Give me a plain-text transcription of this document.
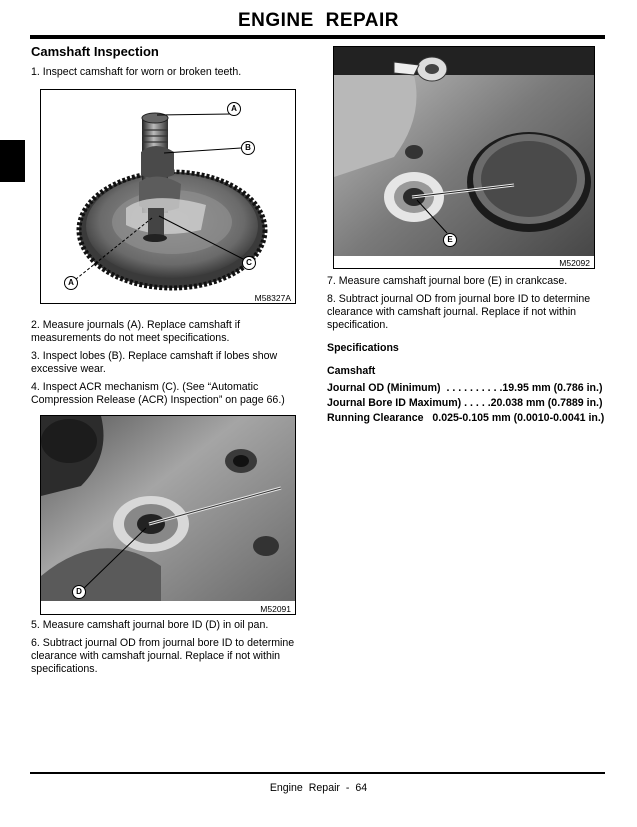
ENGINE REPAIR
Camshaft Inspection

1. Inspect camshaft for worn or broken teeth.

A
B
C
A
M58327A

2. Measure journals (A). Replace camshaft if measurements do not meet specifications.

3. Inspect lobes (B). Replace camshaft if lobes show excessive wear.

4. Inspect ACR mechanism (C). (See “Automatic Compression Release (ACR) Inspection” on page 66.)

D
M52091

5. Measure camshaft journal bore ID (D) in oil pan.

6. Subtract journal OD from journal bore ID to determine clearance with camshaft journal. Replace if not within specifications.

E
M52092

7. Measure camshaft journal bore (E) in crankcase.

8. Subtract journal OD from journal bore ID to determine clearance with camshaft journal. Replace if not within specification.

Specifications

Camshaft

Journal OD (Minimum)  . . . . . . . . . .19.95 mm (0.786 in.)
Journal Bore ID Maximum) . . . . .20.038 mm (0.7889 in.)
Running Clearance   0.025-0.105 mm (0.0010-0.0041 in.)
Engine Repair - 64
